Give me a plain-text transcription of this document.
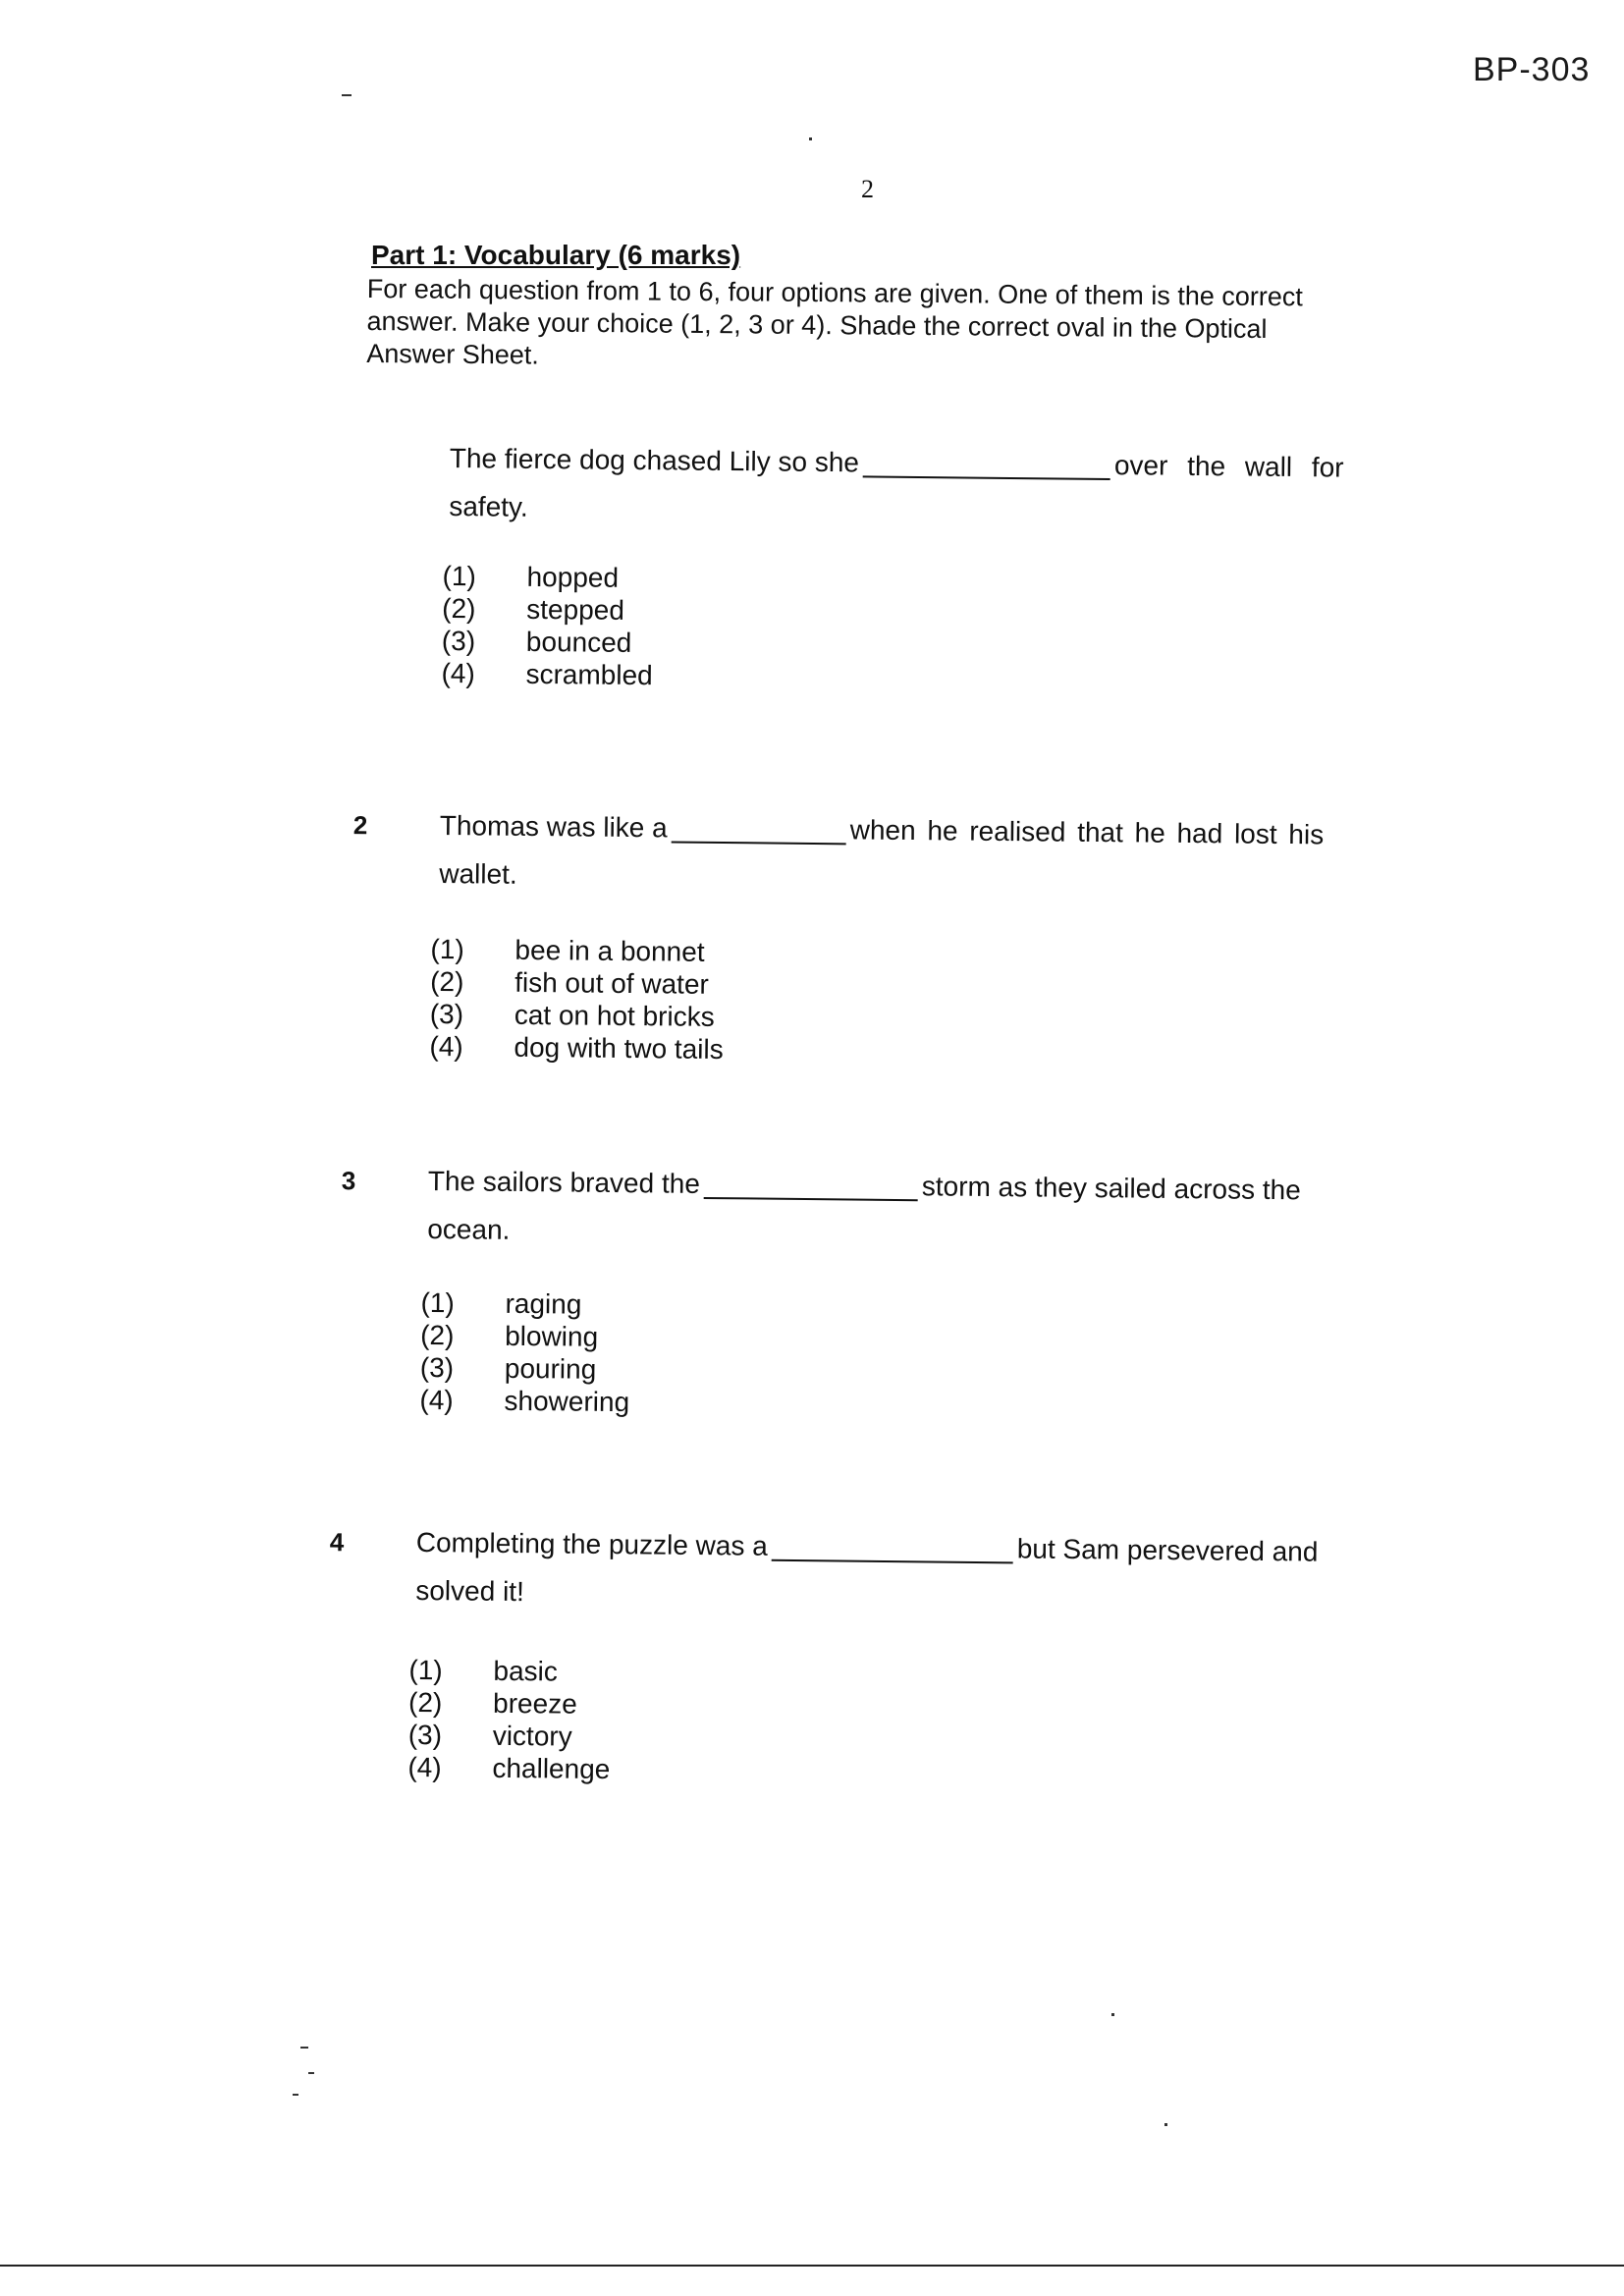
BP-303
2
Part 1: Vocabulary (6 marks)
For each question from 1 to 6, four options are given. One of them is the correct answer. Make your choice (1, 2, 3 or 4). Shade the correct oval in the Optical Answer Sheet.
The fierce dog chased Lily so she	over the wall for
safety.
(1)	hopped
(2)	stepped
(3)	bounced
(4)	scrambled
2	Thomas was like a	when he realised that he had lost his
wallet.
(1)	bee in a bonnet
(2)	fish out of water
(3)	cat on hot bricks
(4)	dog with two tails
3	The sailors braved the	storm as they sailed across the
ocean.
(1)	raging
(2)	blowing
(3)	pouring
(4)	showering
4	Completing the puzzle was a	but Sam persevered and
solved it!
(1)	basic
(2)	breeze
(3)	victory
(4)	challenge
